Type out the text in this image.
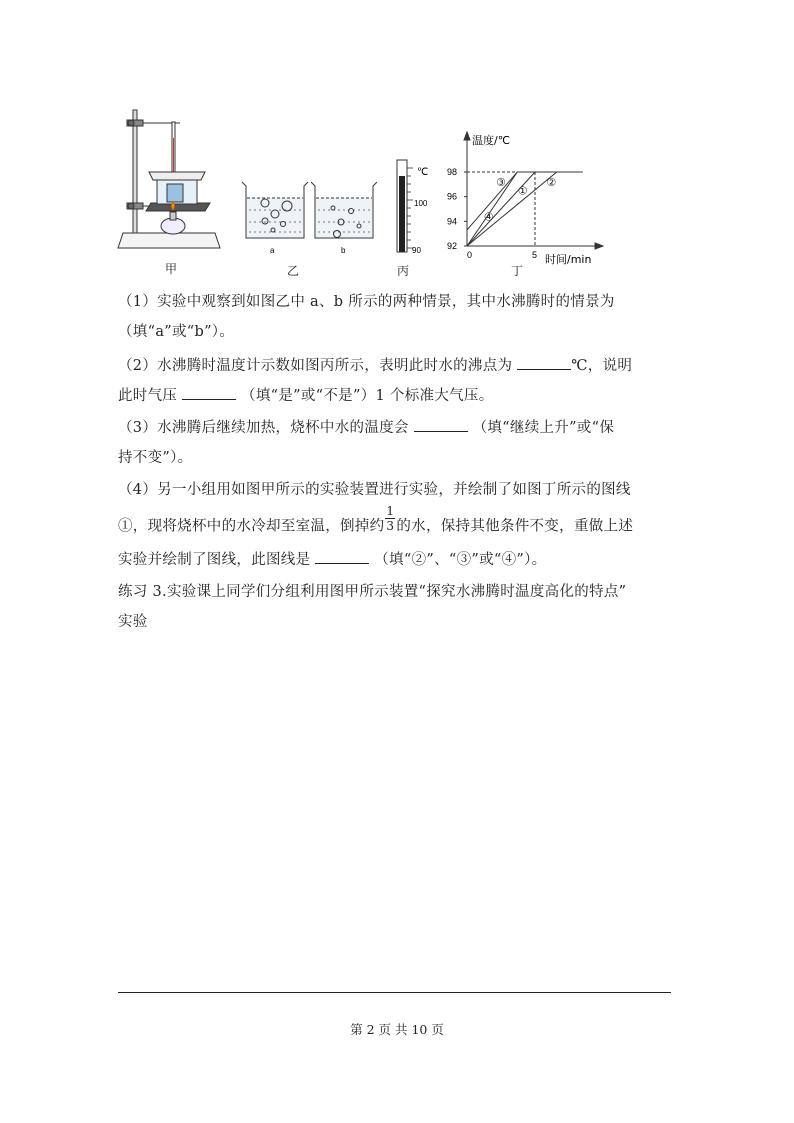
98
96
94
92
5
①
②
③
④
℃
100
90
a	b
温度/℃
时间/min
0
甲	乙	丙	丁
（1）实验中观察到如图乙中 a、b 所示的两种情景，其中水沸腾时的情景为
（填“a”或“b”）。
（2）水沸腾时温度计示数如图丙所示，表明此时水的沸点为	℃，说明
此时气压	（填“是”或“不是”）1 个标准大气压。
（3）水沸腾后继续加热，烧杯中水的温度会	（填“继续上升”或“保
持不变”）。
（4）另一小组用如图甲所示的实验装置进行实验，并绘制了如图丁所示的图线
①，现将烧杯中的水冷却至室温，倒掉约 $\frac{1}{3}$ 的水，保持其他条件不变，重做上述
实验并绘制了图线，此图线是	（填“②”、“③”或“④”）。
练习 3.实验课上同学们分组利用图甲所示装置“探究水沸腾时温度高化的特点”
实验
第 2 页 共 10 页
